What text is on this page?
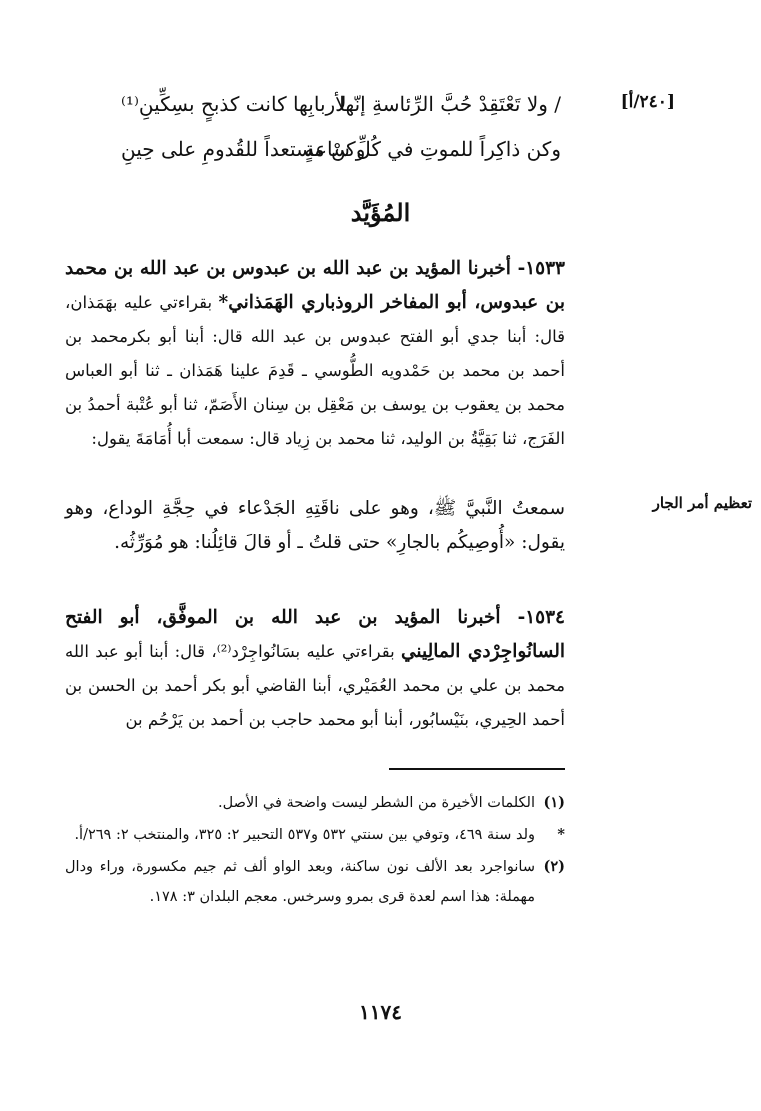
[٢٤٠/أ]
/ ولا تَعْتَقِدْ حُبَّ الرِّئاسةِ إنّها
لأربابِها كانت كذبحٍ بسِكِّينِ⁽¹⁾
وكن ذاكِراً للموتِ في كُلِّ ساعةٍ
وكنْ مستعداً للقُدومِ على حِينِ
المُؤَيَّد
١٥٣٣- أخبرنا المؤيد بن عبد الله بن عبدوس بن عبد الله بن محمد بن عبدوس، أبو المفاخر الروذباري الهَمَذاني* بقراءتي عليه بهَمَذان، قال: أبنا جدي أبو الفتح عبدوس بن عبد الله قال: أبنا أبو بكرمحمد بن أحمد بن محمد بن حَمْدويه الطُّوسي ـ قَدِمَ علينا هَمَذان ـ ثنا أبو العباس محمد بن يعقوب بن يوسف بن مَعْقِل بن سِنان الأَصَمّ، ثنا أبو عُتْبة أحمدُ بن الفَرَج، ثنا بَقِيَّةُ بن الوليد، ثنا محمد بن زِياد قال: سمعت أبا أُمَامَةَ يقول:
تعظيم أمر الجار
سمعتُ النَّبيَّ ﷺ، وهو على ناقَتِهِ الجَدْعاء في حِجَّةِ الوداع، وهو يقول: «أُوصِيكُم بالجارِ» حتى قلتُ ـ أو قالَ قائِلُنا: هو مُوَرِّثُه.
١٥٣٤- أخبرنا المؤيد بن عبد الله بن الموفَّق، أبو الفتح السانُواجِرْدي المالِيني بقراءتي عليه بسَانُواجِرْد⁽²⁾، قال: أبنا أبو عبد الله محمد بن علي بن محمد العُمَيْري، أبنا القاضي أبو بكر أحمد بن الحسن بن أحمد الحِيري، بنَيْسابُور، أبنا أبو محمد حاجب بن أحمد بن يَرْحُم بن
(١)
الكلمات الأخيرة من الشطر ليست واضحة في الأصل.
*
ولد سنة ٤٦٩، وتوفي بين سنتي ٥٣٢ و٥٣٧ التحبير ٢: ٣٢٥، والمنتخب ٢: ٢٦٩/أ.
(٢)
سانواجرد بعد الألف نون ساكنة، وبعد الواو ألف ثم جيم مكسورة، وراء ودال مهملة: هذا اسم لعدة قرى بمرو وسرخس. معجم البلدان ٣: ١٧٨.
١١٧٤
